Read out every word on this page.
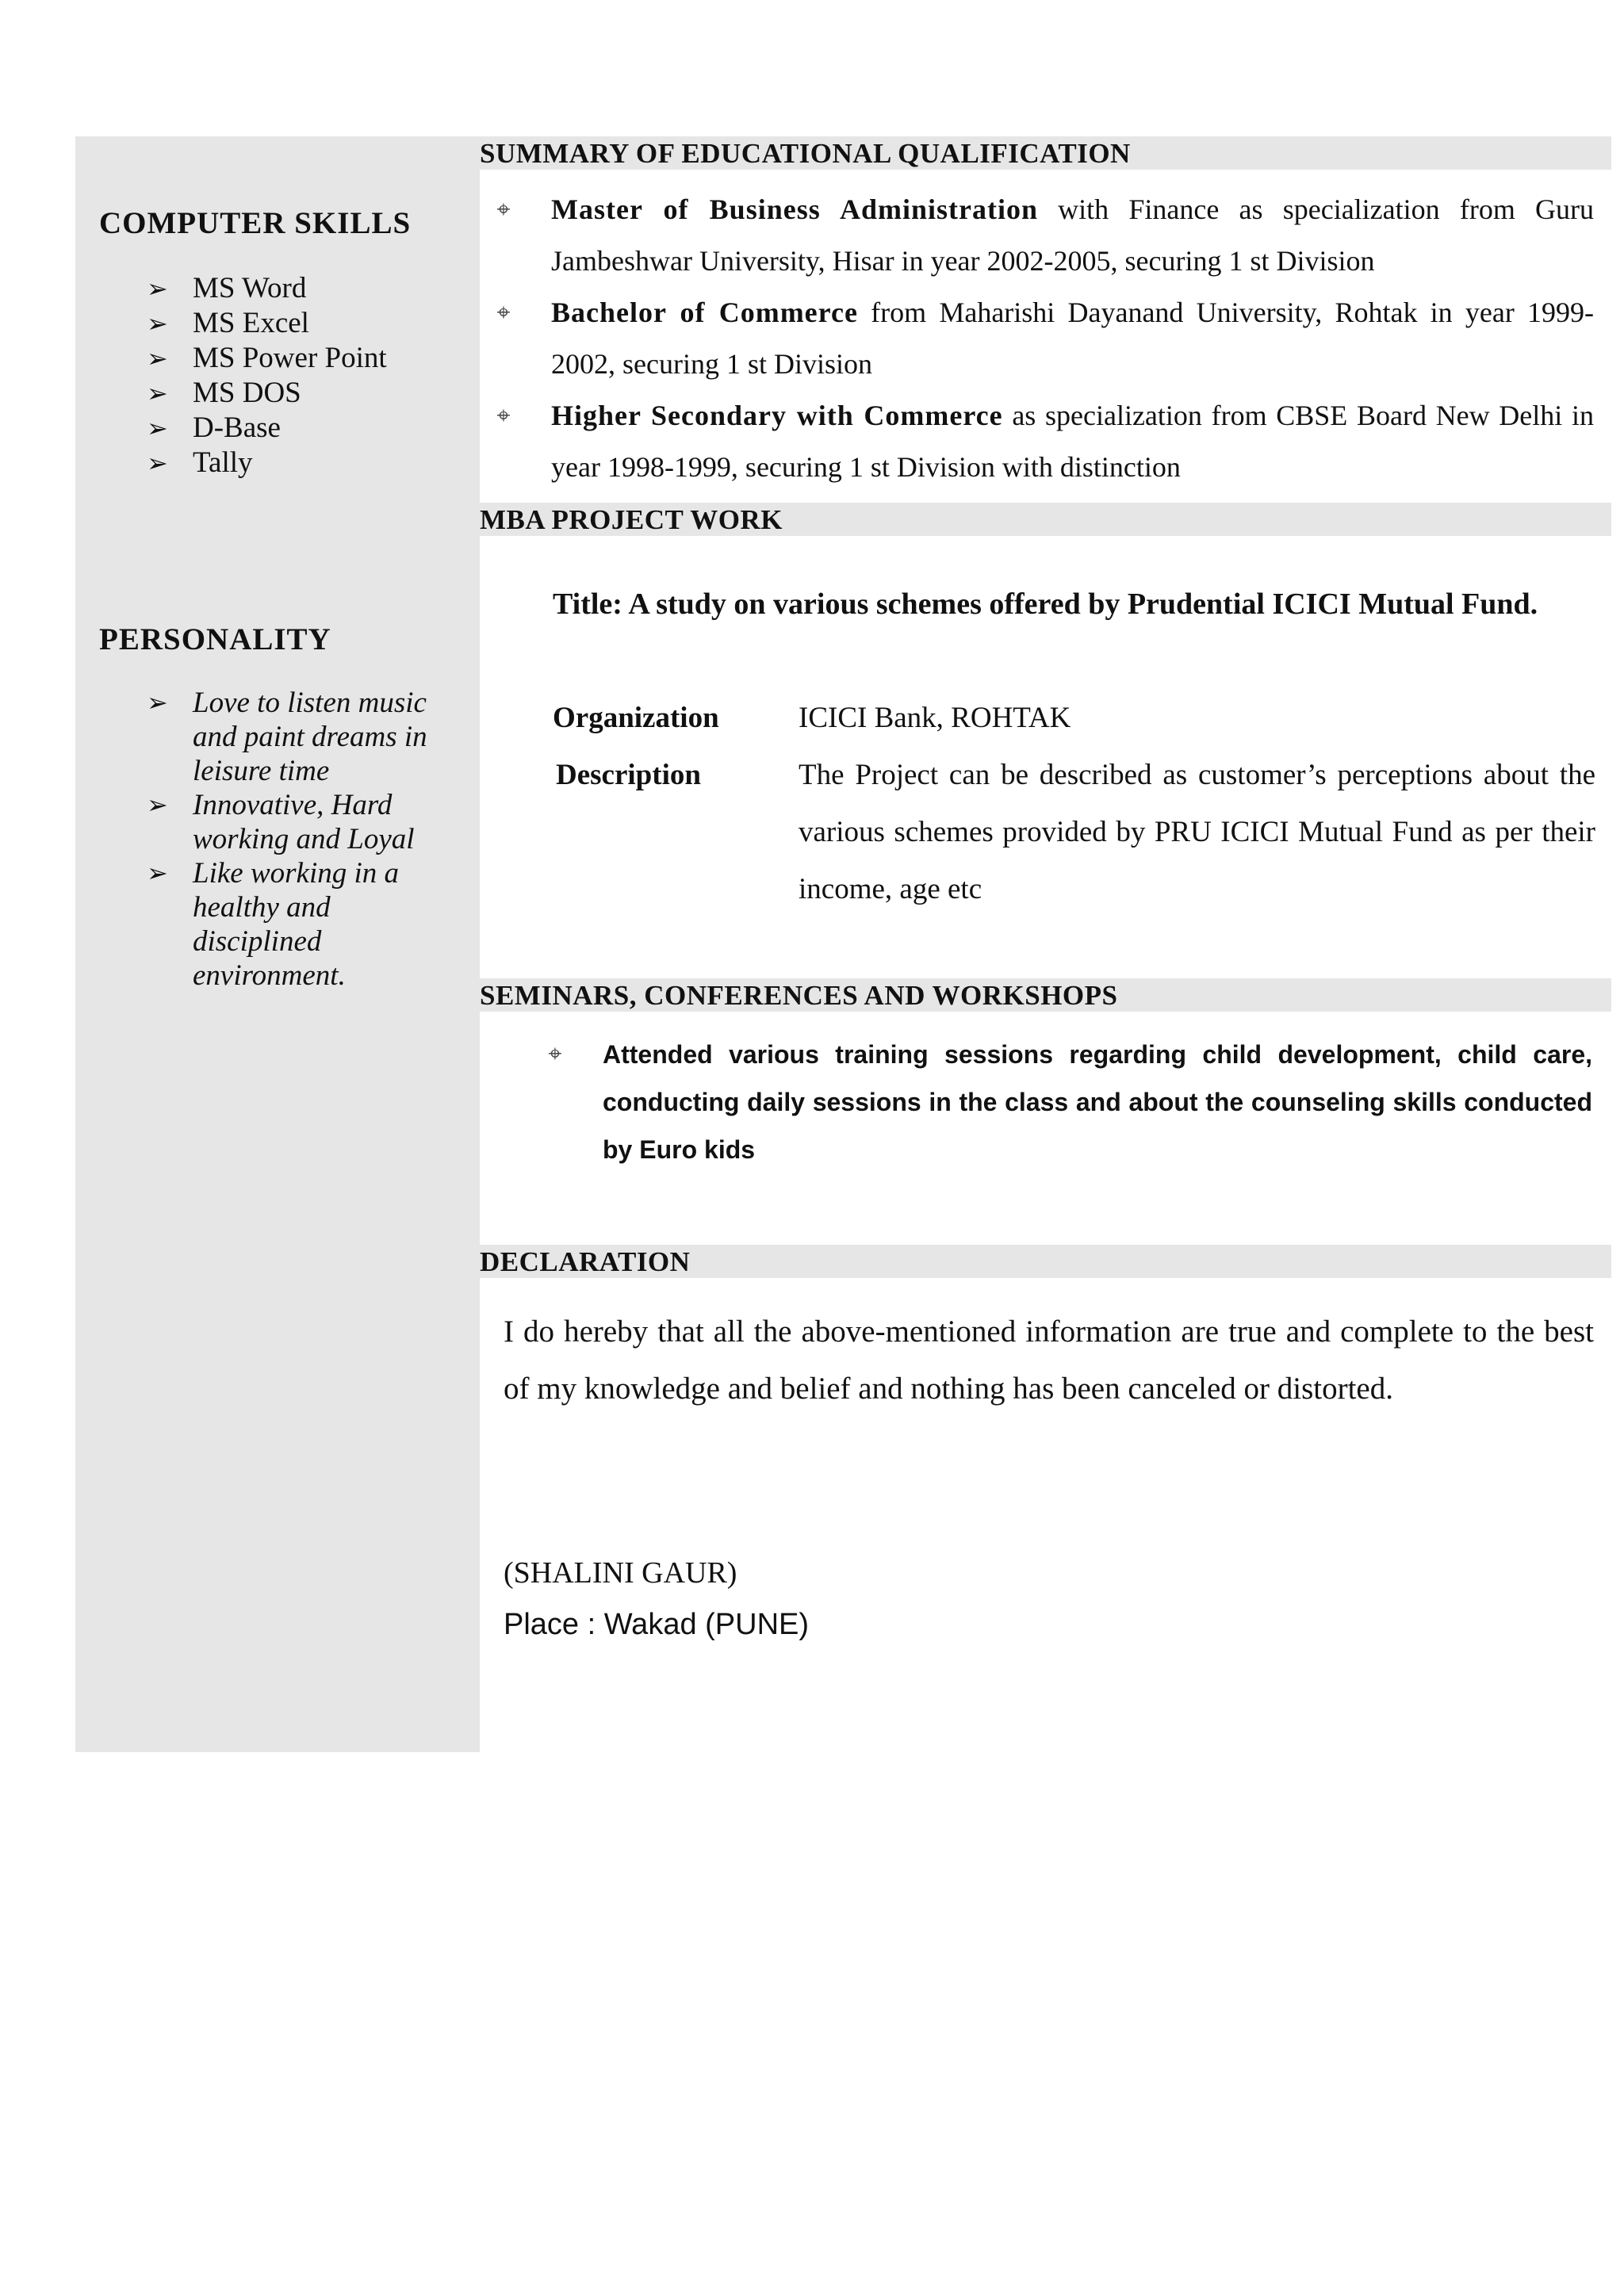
COMPUTER SKILLS
➢ MS Word
➢ MS Excel
➢ MS Power Point
➢ MS DOS
➢ D-Base
➢ Tally
PERSONALITY
➢ Love to listen music and paint dreams in leisure time
➢ Innovative, Hard working and Loyal
➢ Like working in a healthy and disciplined environment.
SUMMARY OF EDUCATIONAL QUALIFICATION
⌖	Master of Business Administration with Finance as specialization from Guru Jambeshwar University, Hisar in year 2002-2005, securing 1 st Division
⌖	Bachelor of Commerce from Maharishi Dayanand University, Rohtak in year 1999-2002, securing 1 st Division
⌖	Higher Secondary with Commerce as specialization from CBSE Board New Delhi in year 1998-1999, securing 1 st Division with distinction
MBA PROJECT WORK
Title: A study on various schemes offered by Prudential ICICI Mutual Fund.
Organization	ICICI Bank, ROHTAK
Description	The Project can be described as customer’s perceptions about the various schemes provided by PRU ICICI Mutual Fund as per their income, age etc
SEMINARS, CONFERENCES AND WORKSHOPS
⌖	Attended various training sessions regarding child development, child care, conducting daily sessions in the class and about the counseling skills conducted by Euro kids
DECLARATION
I do hereby that all the above-mentioned information are true and complete to the best of my knowledge and belief and nothing has been canceled or distorted.
(SHALINI GAUR)
Place : Wakad (PUNE)
